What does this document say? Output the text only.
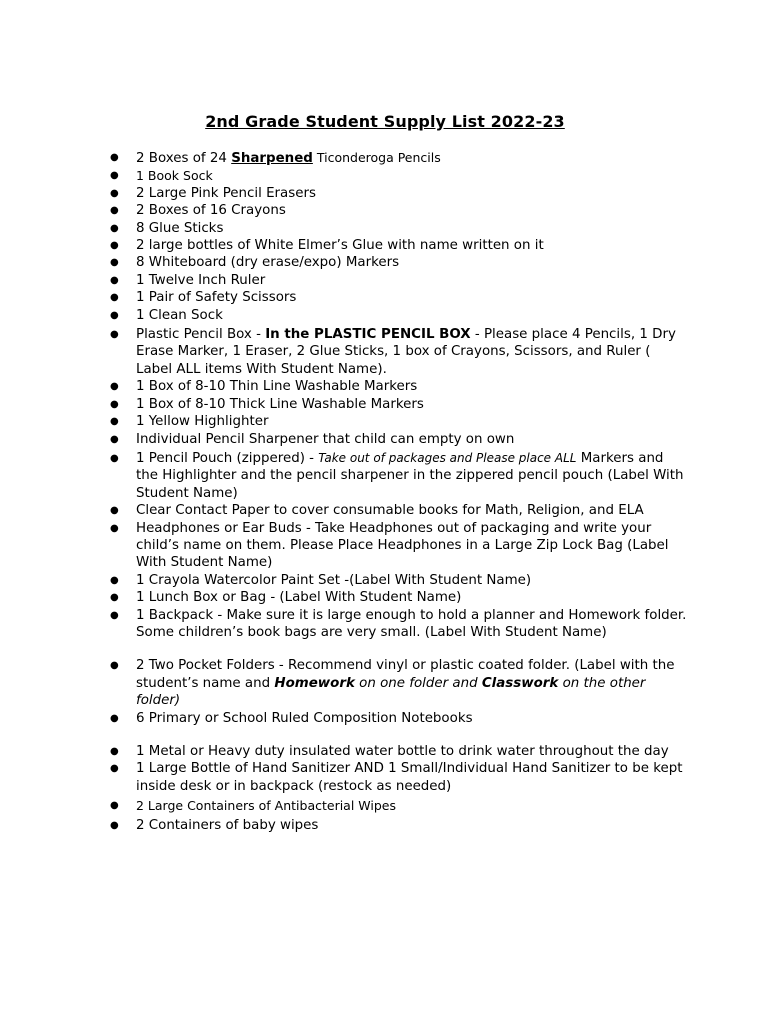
2nd Grade Student Supply List 2022-23
● 2 Boxes of 24 Sharpened Ticonderoga Pencils
● 1 Book Sock
● 2 Large Pink Pencil Erasers
● 2 Boxes of 16 Crayons
● 8 Glue Sticks
● 2 large bottles of White Elmer’s Glue with name written on it
● 8 Whiteboard (dry erase/expo) Markers
● 1 Twelve Inch Ruler
● 1 Pair of Safety Scissors
● 1 Clean Sock
● Plastic Pencil Box - In the PLASTIC PENCIL BOX - Please place 4 Pencils, 1 Dry Erase Marker, 1 Eraser, 2 Glue Sticks, 1 box of Crayons, Scissors, and Ruler ( Label ALL items With Student Name).
● 1 Box of 8-10 Thin Line Washable Markers
● 1 Box of 8-10 Thick Line Washable Markers
● 1 Yellow Highlighter
● Individual Pencil Sharpener that child can empty on own
● 1 Pencil Pouch (zippered) - Take out of packages and Please place ALL Markers and the Highlighter and the pencil sharpener in the zippered pencil pouch (Label With Student Name)
● Clear Contact Paper to cover consumable books for Math, Religion, and ELA
● Headphones or Ear Buds - Take Headphones out of packaging and write your child’s name on them. Please Place Headphones in a Large Zip Lock Bag (Label With Student Name)
● 1 Crayola Watercolor Paint Set -(Label With Student Name)
● 1 Lunch Box or Bag - (Label With Student Name)
● 1 Backpack - Make sure it is large enough to hold a planner and Homework folder. Some children’s book bags are very small. (Label With Student Name)
● 2 Two Pocket Folders - Recommend vinyl or plastic coated folder. (Label with the student’s name and Homework on one folder and Classwork on the other folder)
● 6 Primary or School Ruled Composition Notebooks
● 1 Metal or Heavy duty insulated water bottle to drink water throughout the day
● 1 Large Bottle of Hand Sanitizer AND 1 Small/Individual Hand Sanitizer to be kept inside desk or in backpack (restock as needed)
● 2 Large Containers of Antibacterial Wipes
● 2 Containers of baby wipes
